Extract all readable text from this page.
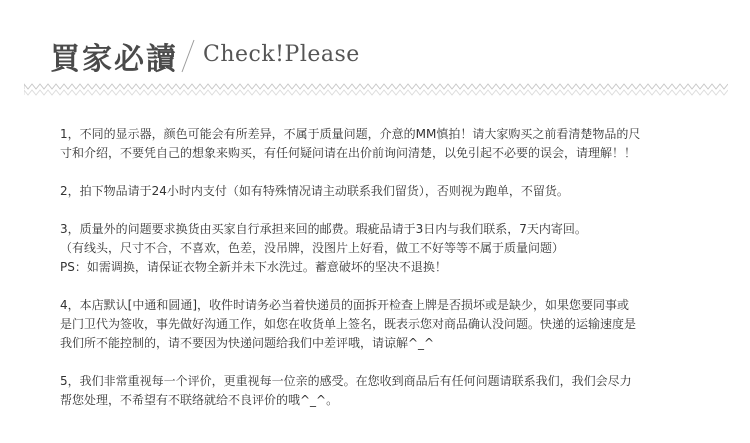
買家必讀 Check!Please
1，不同的显示器，颜色可能会有所差异，不属于质量问题，介意的MM慎拍！请大家购买之前看清楚物品的尺
寸和介绍，不要凭自己的想象来购买，有任何疑问请在出价前询问清楚，以免引起不必要的误会，请理解！！
2，拍下物品请于24小时内支付（如有特殊情况请主动联系我们留货），否则视为跑单，不留货。
3，质量外的问题要求换货由买家自行承担来回的邮费。瑕疵品请于3日内与我们联系，7天内寄回。
（有线头，尺寸不合，不喜欢，色差，没吊牌，没图片上好看，做工不好等等不属于质量问题）
PS：如需调换，请保证衣物全新并未下水洗过。蓄意破坏的坚决不退换！
4，本店默认[中通和圆通]，收件时请务必当着快递员的面拆开检查上牌是否损坏或是缺少，如果您要同事或
是门卫代为签收，事先做好沟通工作，如您在收货单上签名，既表示您对商品确认没问题。快递的运输速度是
我们所不能控制的，请不要因为快递问题给我们中差评哦，请谅解^_^
5，我们非常重视每一个评价，更重视每一位亲的感受。在您收到商品后有任何问题请联系我们，我们会尽力
帮您处理，不希望有不联络就给不良评价的哦^_^。
